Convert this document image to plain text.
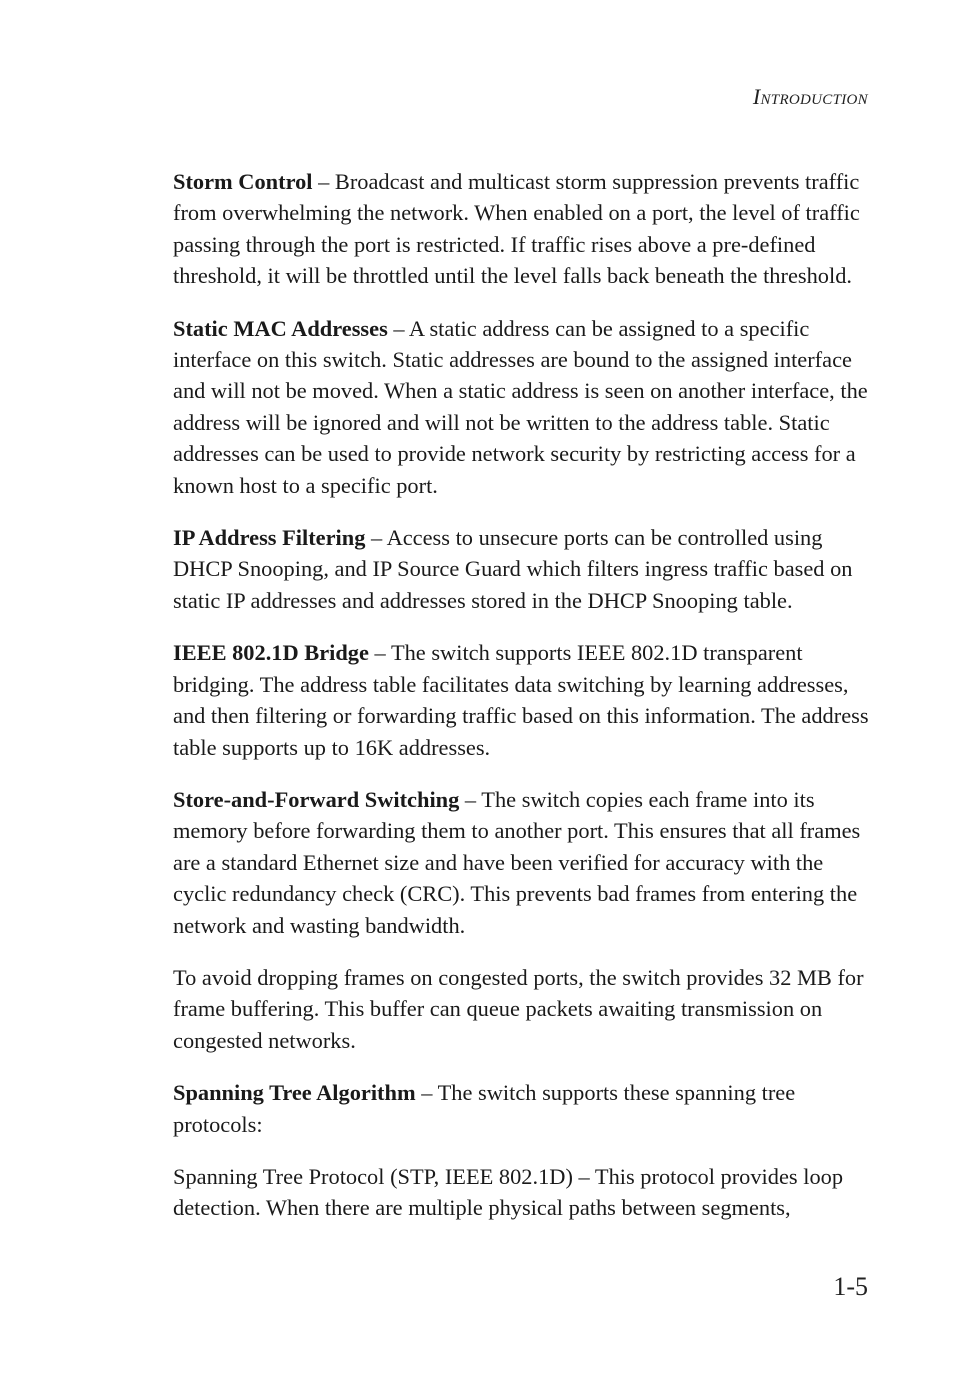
Introduction

Storm Control – Broadcast and multicast storm suppression prevents traffic from overwhelming the network. When enabled on a port, the level of traffic passing through the port is restricted. If traffic rises above a pre-defined threshold, it will be throttled until the level falls back beneath the threshold.

Static MAC Addresses – A static address can be assigned to a specific interface on this switch. Static addresses are bound to the assigned interface and will not be moved. When a static address is seen on another interface, the address will be ignored and will not be written to the address table. Static addresses can be used to provide network security by restricting access for a known host to a specific port.

IP Address Filtering – Access to unsecure ports can be controlled using DHCP Snooping, and IP Source Guard which filters ingress traffic based on static IP addresses and addresses stored in the DHCP Snooping table.

IEEE 802.1D Bridge – The switch supports IEEE 802.1D transparent bridging. The address table facilitates data switching by learning addresses, and then filtering or forwarding traffic based on this information. The address table supports up to 16K addresses.

Store-and-Forward Switching – The switch copies each frame into its memory before forwarding them to another port. This ensures that all frames are a standard Ethernet size and have been verified for accuracy with the cyclic redundancy check (CRC). This prevents bad frames from entering the network and wasting bandwidth.

To avoid dropping frames on congested ports, the switch provides 32 MB for frame buffering. This buffer can queue packets awaiting transmission on congested networks.

Spanning Tree Algorithm – The switch supports these spanning tree protocols:

Spanning Tree Protocol (STP, IEEE 802.1D) – This protocol provides loop detection. When there are multiple physical paths between segments,

1-5
